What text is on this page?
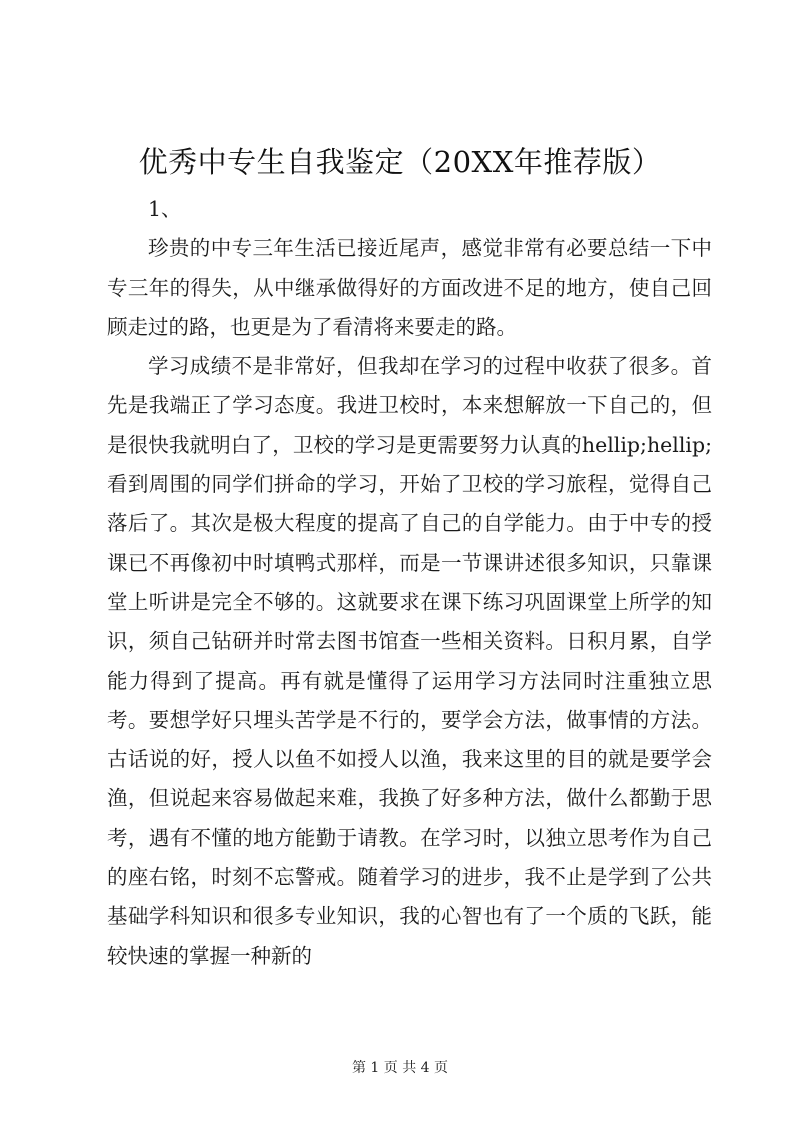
优秀中专生自我鉴定（20XX年推荐版）

1、

珍贵的中专三年生活已接近尾声，感觉非常有必要总结一下中专三年的得失，从中继承做得好的方面改进不足的地方，使自己回顾走过的路，也更是为了看清将来要走的路。

学习成绩不是非常好，但我却在学习的过程中收获了很多。首先是我端正了学习态度。我进卫校时，本来想解放一下自己的，但是很快我就明白了，卫校的学习是更需要努力认真的hellip;hellip;看到周围的同学们拼命的学习，开始了卫校的学习旅程，觉得自己落后了。其次是极大程度的提高了自己的自学能力。由于中专的授课已不再像初中时填鸭式那样，而是一节课讲述很多知识，只靠课堂上听讲是完全不够的。这就要求在课下练习巩固课堂上所学的知识，须自己钻研并时常去图书馆查一些相关资料。日积月累，自学能力得到了提高。再有就是懂得了运用学习方法同时注重独立思考。要想学好只埋头苦学是不行的，要学会方法，做事情的方法。古话说的好，授人以鱼不如授人以渔，我来这里的目的就是要学会渔，但说起来容易做起来难，我换了好多种方法，做什么都勤于思考，遇有不懂的地方能勤于请教。在学习时，以独立思考作为自己的座右铭，时刻不忘警戒。随着学习的进步，我不止是学到了公共基础学科知识和很多专业知识，我的心智也有了一个质的飞跃，能较快速的掌握一种新的

第 1 页 共 4 页
